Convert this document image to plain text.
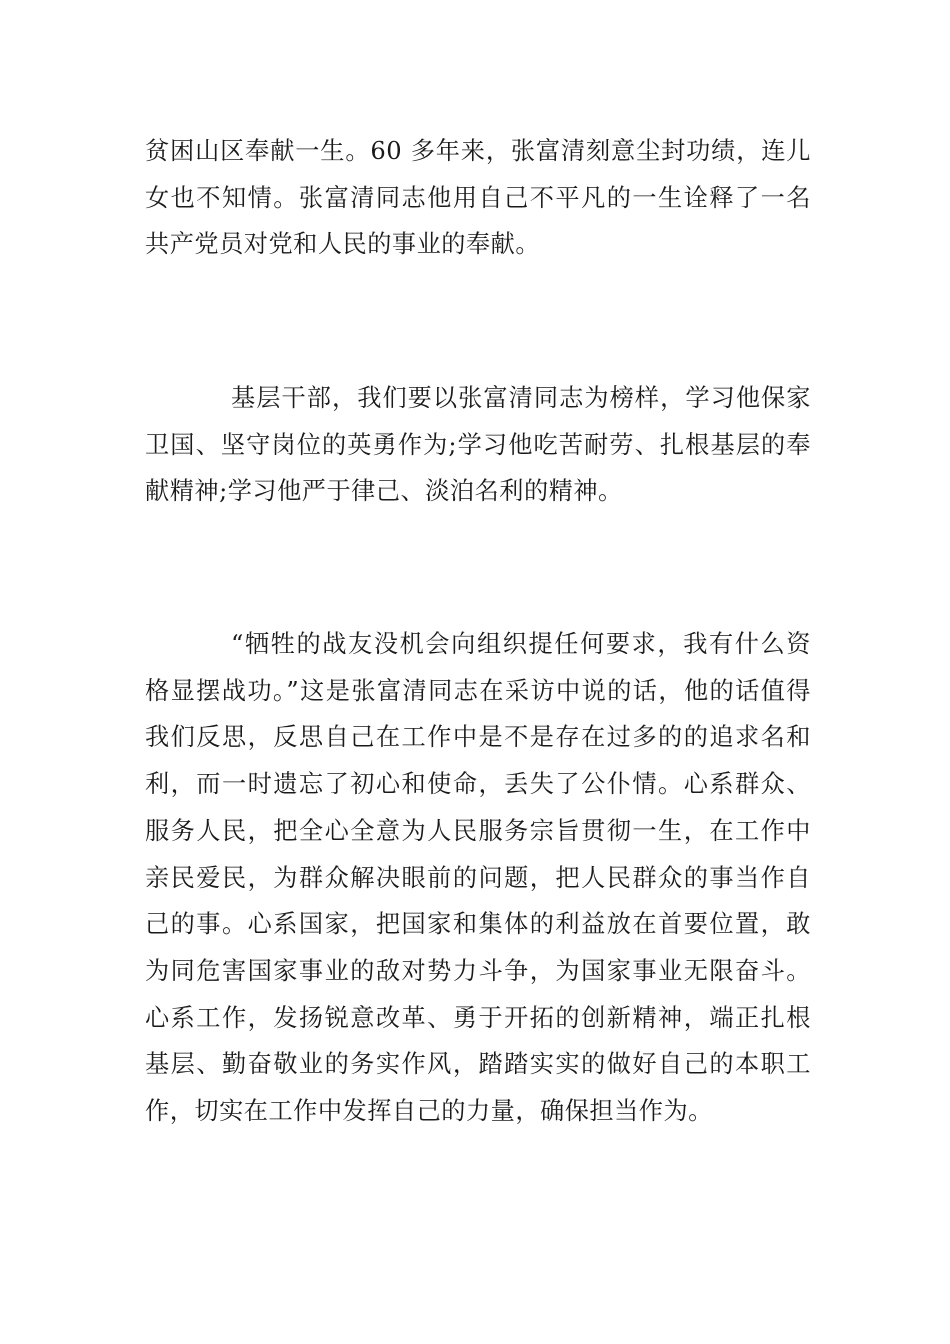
贫困山区奉献一生。60 多年来，张富清刻意尘封功绩，连儿女也不知情。张富清同志他用自己不平凡的一生诠释了一名共产党员对党和人民的事业的奉献。

基层干部，我们要以张富清同志为榜样，学习他保家卫国、坚守岗位的英勇作为;学习他吃苦耐劳、扎根基层的奉献精神;学习他严于律己、淡泊名利的精神。

“牺牲的战友没机会向组织提任何要求，我有什么资格显摆战功。”这是张富清同志在采访中说的话，他的话值得我们反思，反思自己在工作中是不是存在过多的的追求名和利，而一时遗忘了初心和使命，丢失了公仆情。心系群众、服务人民，把全心全意为人民服务宗旨贯彻一生，在工作中亲民爱民，为群众解决眼前的问题，把人民群众的事当作自己的事。心系国家，把国家和集体的利益放在首要位置，敢为同危害国家事业的敌对势力斗争，为国家事业无限奋斗。心系工作，发扬锐意改革、勇于开拓的创新精神，端正扎根基层、勤奋敬业的务实作风，踏踏实实的做好自己的本职工作，切实在工作中发挥自己的力量，确保担当作为。
